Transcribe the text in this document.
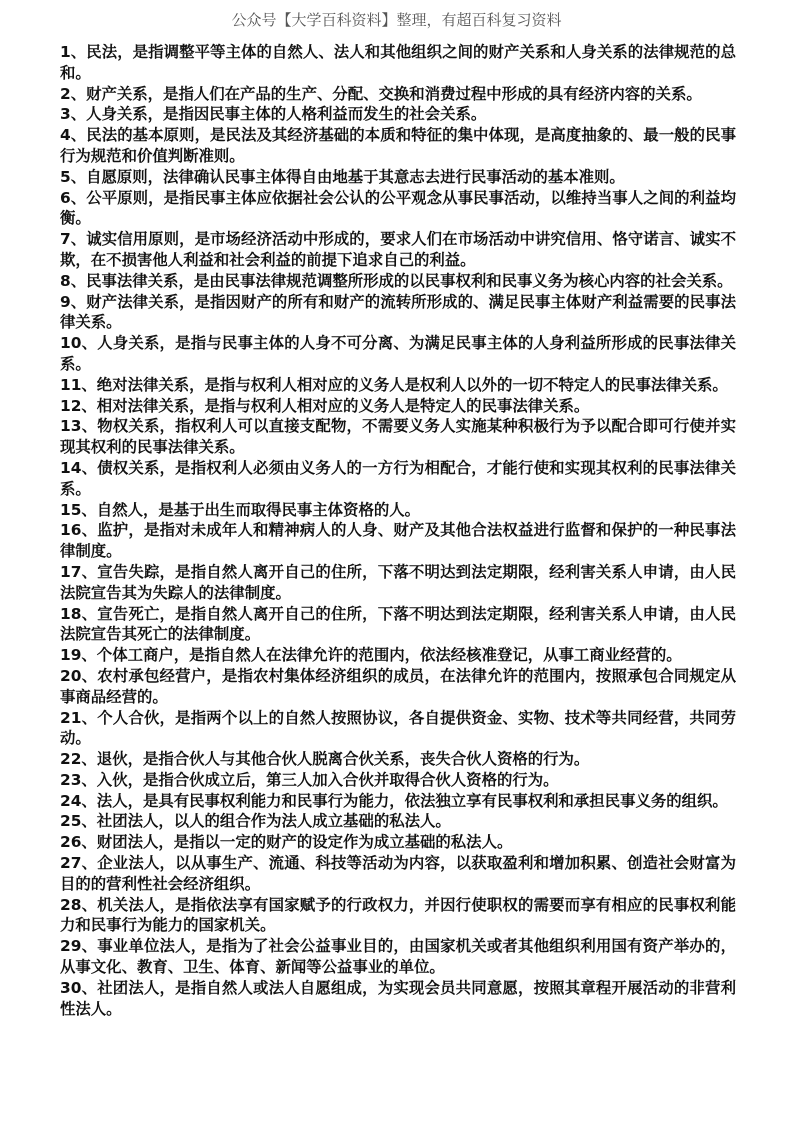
公众号【大学百科资料】整理，有超百科复习资料

1、民法，是指调整平等主体的自然人、法人和其他组织之间的财产关系和人身关系的法律规范的总和。

2、财产关系，是指人们在产品的生产、分配、交换和消费过程中形成的具有经济内容的关系。

3、人身关系，是指因民事主体的人格利益而发生的社会关系。

4、民法的基本原则，是民法及其经济基础的本质和特征的集中体现，是高度抽象的、最一般的民事行为规范和价值判断准则。

5、自愿原则，法律确认民事主体得自由地基于其意志去进行民事活动的基本准则。

6、公平原则，是指民事主体应依据社会公认的公平观念从事民事活动，以维持当事人之间的利益均衡。

7、诚实信用原则，是市场经济活动中形成的，要求人们在市场活动中讲究信用、恪守诺言、诚实不欺，在不损害他人利益和社会利益的前提下追求自己的利益。

8、民事法律关系，是由民事法律规范调整所形成的以民事权利和民事义务为核心内容的社会关系。

9、财产法律关系，是指因财产的所有和财产的流转所形成的、满足民事主体财产利益需要的民事法律关系。

10、人身关系，是指与民事主体的人身不可分离、为满足民事主体的人身利益所形成的民事法律关系。

11、绝对法律关系，是指与权利人相对应的义务人是权利人以外的一切不特定人的民事法律关系。

12、相对法律关系，是指与权利人相对应的义务人是特定人的民事法律关系。

13、物权关系，指权利人可以直接支配物，不需要义务人实施某种积极行为予以配合即可行使并实现其权利的民事法律关系。

14、债权关系，是指权利人必须由义务人的一方行为相配合，才能行使和实现其权利的民事法律关系。

15、自然人，是基于出生而取得民事主体资格的人。

16、监护，是指对未成年人和精神病人的人身、财产及其他合法权益进行监督和保护的一种民事法律制度。

17、宣告失踪，是指自然人离开自己的住所，下落不明达到法定期限，经利害关系人申请，由人民法院宣告其为失踪人的法律制度。

18、宣告死亡，是指自然人离开自己的住所，下落不明达到法定期限，经利害关系人申请，由人民法院宣告其死亡的法律制度。

19、个体工商户，是指自然人在法律允许的范围内，依法经核准登记，从事工商业经营的。

20、农村承包经营户，是指农村集体经济组织的成员，在法律允许的范围内，按照承包合同规定从事商品经营的。

21、个人合伙，是指两个以上的自然人按照协议，各自提供资金、实物、技术等共同经营，共同劳动。

22、退伙，是指合伙人与其他合伙人脱离合伙关系，丧失合伙人资格的行为。

23、入伙，是指合伙成立后，第三人加入合伙并取得合伙人资格的行为。

24、法人，是具有民事权利能力和民事行为能力，依法独立享有民事权利和承担民事义务的组织。

25、社团法人，以人的组合作为法人成立基础的私法人。

26、财团法人，是指以一定的财产的设定作为成立基础的私法人。

27、企业法人，以从事生产、流通、科技等活动为内容，以获取盈利和增加积累、创造社会财富为目的的营利性社会经济组织。

28、机关法人，是指依法享有国家赋予的行政权力，并因行使职权的需要而享有相应的民事权利能力和民事行为能力的国家机关。

29、事业单位法人，是指为了社会公益事业目的，由国家机关或者其他组织利用国有资产举办的，从事文化、教育、卫生、体育、新闻等公益事业的单位。

30、社团法人，是指自然人或法人自愿组成，为实现会员共同意愿，按照其章程开展活动的非营利性法人。
